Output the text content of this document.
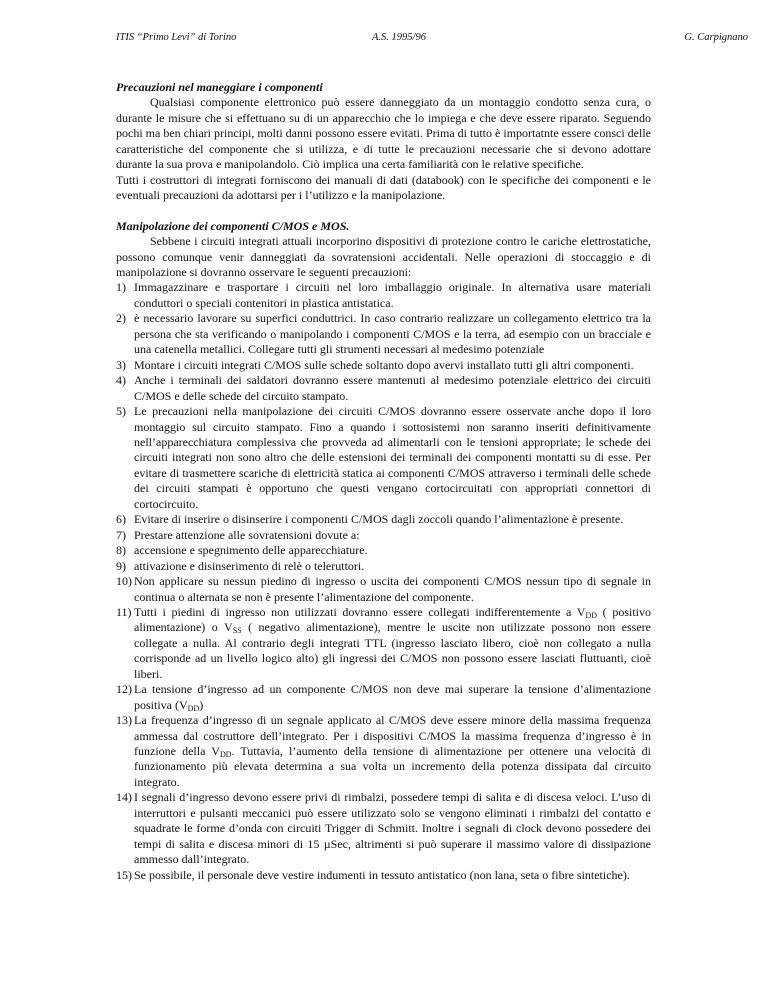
ITIS “Primo Levi” di Torino	A.S. 1995/96	G. Carpignano

Precauzioni nel maneggiare i componenti

Qualsiasi componente elettronico può essere danneggiato da un montaggio condotto senza cura, o durante le misure che si effettuano su di un apparecchio che lo impiega e che deve essere riparato. Seguendo pochi ma ben chiari principi, molti danni possono essere evitati. Prima di tutto è importatnte essere consci delle caratteristiche del componente che si utilizza, e di tutte le precauzioni necessarie che si devono adottare durante la sua prova e manipolandolo. Ciò implica una certa familiarità con le relative specifiche.

Tutti i costruttori di integrati forniscono dei manuali di dati (databook) con le specifiche dei componenti e le eventuali precauzioni da adottarsi per i l’utilizzo e la manipolazione.

Manipolazione dei componenti C/MOS e MOS.

Sebbene i circuiti integrati attuali incorporino dispositivi di protezione contro le cariche elettrostatiche, possono comunque venir danneggiati da sovratensioni accidentali. Nelle operazioni di stoccaggio e di manipolazione si dovranno osservare le seguenti precauzioni:

1) Immagazzinare e trasportare i circuiti nel loro imballaggio originale. In alternativa usare materiali conduttori o speciali contenitori in plastica antistatica.
2) è necessario lavorare su superfici conduttrici. In caso contrario realizzare un collegamento elettrico tra la persona che sta verificando o manipolando i componenti C/MOS e la terra, ad esempio con un bracciale e una catenella metallici. Collegare tutti gli strumenti necessari al medesimo potenziale
3) Montare i circuiti integrati C/MOS sulle schede soltanto dopo avervi installato tutti gli altri componenti.
4) Anche i terminali dei saldatori dovranno essere mantenuti al medesimo potenziale elettrico dei circuiti C/MOS e delle schede del circuito stampato.
5) Le precauzioni nella manipolazione dei circuiti C/MOS dovranno essere osservate anche dopo il loro montaggio sul circuito stampato. Fino a quando i sottosistemi non saranno inseriti definitivamente nell’apparecchiatura complessiva che provveda ad alimentarli con le tensioni appropriate; le schede dei circuiti integrati non sono altro che delle estensioni dei terminali dei componenti montatti su di esse. Per evitare di trasmettere scariche di elettricità statica ai componenti C/MOS attraverso i terminali delle schede dei circuiti stampati è opportuno che questi vengano cortocircuitati con appropriati connettori di cortocircuito.
6) Evitare di inserire o disinserire i componenti C/MOS dagli zoccoli quando l’alimentazione è presente.
7) Prestare attenzione alle sovratensioni dovute a:
8) accensione e spegnimento delle apparecchiature.
9) attivazione e disinserimento di relè o teleruttori.
10) Non applicare su nessun piedino di ingresso o uscita dei componenti C/MOS nessun tipo di segnale in continua o alternata se non è presente l’alimentazione del componente.
11) Tutti i piedini di ingresso non utilizzati dovranno essere collegati indifferentemente a $V_{DD}$ ( positivo alimentazione) o $V_{SS}$ ( negativo alimentazione), mentre le uscite non utilizzate possono non essere collegate a nulla. Al contrario degli integrati TTL (ingresso lasciato libero, cioè non collegato a nulla corrisponde ad un livello logico alto) gli ingressi dei C/MOS non possono essere lasciati fluttuanti, cioè liberi.
12) La tensione d’ingresso ad un componente C/MOS non deve mai superare la tensione d’alimentazione positiva $(V_{DD})$
13) La frequenza d’ingresso di un segnale applicato al C/MOS deve essere minore della massima frequenza ammessa dal costruttore dell’integrato. Per i dispositivi C/MOS la massima frequenza d’ingresso è in funzione della $V_{DD}$. Tuttavia, l’aumento della tensione di alimentazione per ottenere una velocità di funzionamento più elevata determina a sua volta un incremento della potenza dissipata dal circuito integrato.
14) I segnali d’ingresso devono essere privi di rimbalzi, possedere tempi di salita e di discesa veloci. L’uso di interruttori e pulsanti meccanici può essere utilizzato solo se vengono eliminati i rimbalzi del contatto e squadrate le forme d’onda con circuiti Trigger di Schmitt. Inoltre i segnali di clock devono possedere dei tempi di salita e discesa minori di 15 µSec, altrimenti si può superare il massimo valore di dissipazione ammesso dall’integrato.
15) Se possibile, il personale deve vestire indumenti in tessuto antistatico (non lana, seta o fibre sintetiche).
